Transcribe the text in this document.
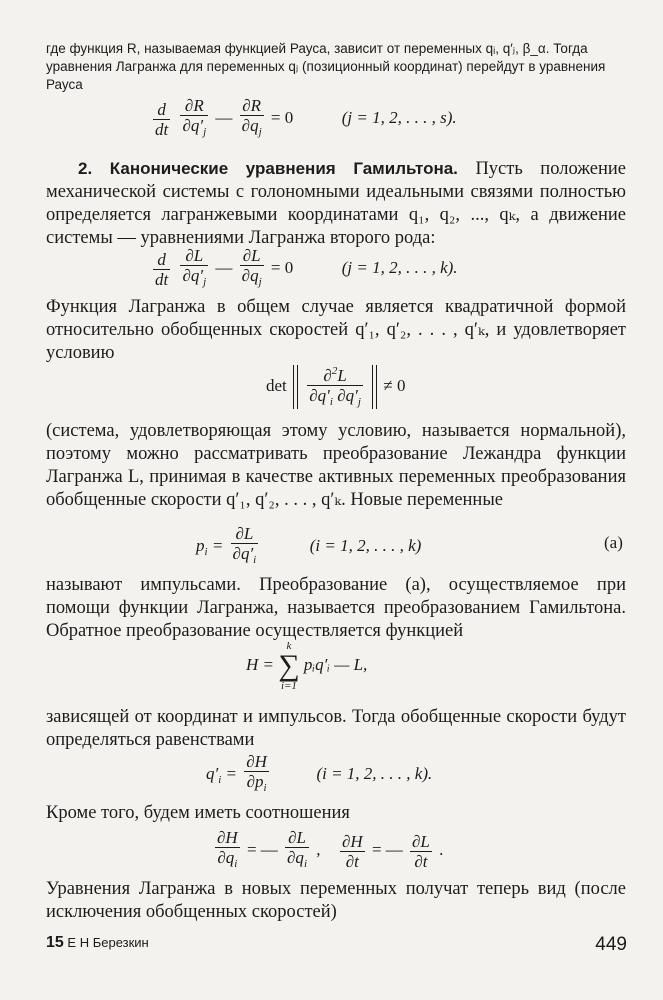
где функция R, называемая функцией Рауса, зависит от переменных qᵢ, q′ⱼ, β_α. Тогда уравнения Лагранжа для переменных qⱼ (позиционный координат) перейдут в уравнения Рауса

$\frac{d}{dt}$
$\frac{\partial R}{\partial q'_j}$ — $\frac{\partial R}{\partial q_j} = 0$	(j = 1, 2, . . . , s).

2. Канонические уравнения Гамильтона. Пусть положение механической системы с голономными идеальными связями полностью определяется лагранжевыми координатами q₁, q₂, ..., qₖ, а движение системы — уравнениями Лагранжа второго рода:

$\frac{d}{dt}$
$\frac{\partial L}{\partial q'_j}$ — $\frac{\partial L}{\partial q_j} = 0$	(j = 1, 2, . . . , k).

Функция Лагранжа в общем случае является квадратичной формой относительно обобщенных скоростей q′₁, q′₂, . . . , q′ₖ, и удовлетворяет условию

$\det \frac{\partial^2L}{\partial q'_i \partial q'_j} \ne 0$

(система, удовлетворяющая этому условию, называется нормальной), поэтому можно рассматривать преобразование Лежандра функции Лагранжа L, принимая в качестве активных переменных преобразования обобщенные скорости q′₁, q′₂, . . . , q′ₖ. Новые переменные

$p_i = \frac{\partial L}{\partial q'_i}$	(i = 1, 2, . . . , k)	(a)

называют импульсами. Преобразование (а), осуществляемое при помощи функции Лагранжа, называется преобразованием Гамильтона. Обратное преобразование осуществляется функцией

H = k
∑
i=1 pᵢq′ᵢ — L,

зависящей от координат и импульсов. Тогда обобщенные скорости будут определяться равенствами

$q'_i = \frac{\partial H}{\partial p_i}$	(i = 1, 2, . . . , k).

Кроме того, будем иметь соотношения

$\frac{\partial H}{\partial q_i}$ = — $\frac{\partial L}{\partial q_i}$ , $\frac{\partial H}{\partial t}$ = — $\frac{\partial L}{\partial t}$ .

Уравнения Лагранжа в новых переменных получат теперь вид (после исключения обобщенных скоростей)

15 Е Н Березкин	449
